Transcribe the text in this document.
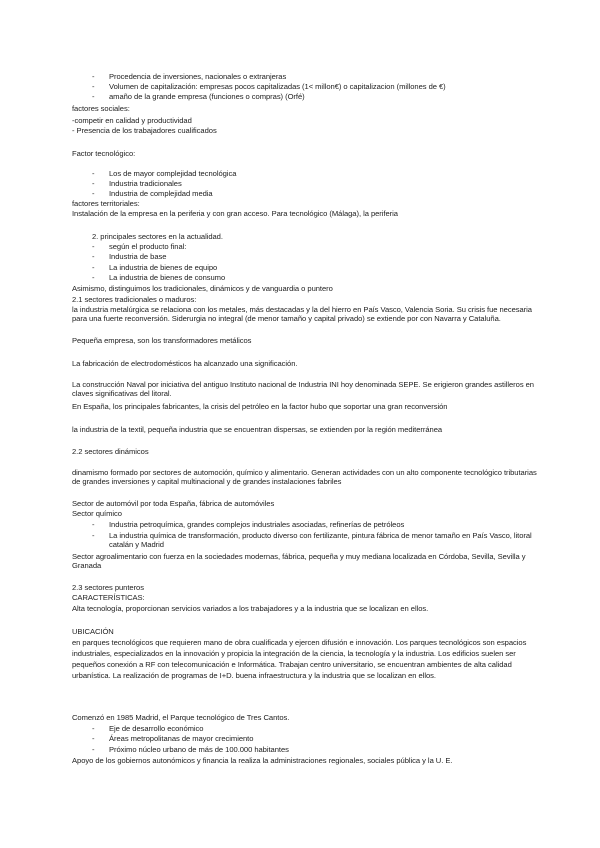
- Procedencia de inversiones, nacionales o extranjeras
- Volumen de capitalización: empresas pocos capitalizadas (1< millon€) o capitalizacion (millones de €)
- amaño de la grande empresa (funciones o compras) (Orfé)
factores sociales:
-competir en calidad y productividad
- Presencia de los trabajadores cualificados
Factor tecnológico:
- Los de mayor complejidad tecnológica
- Industria tradicionales
- Industria de complejidad media
factores territoriales:
Instalación de la empresa en la periferia y con gran acceso. Para tecnológico (Málaga), la periferia
2. principales sectores en la actualidad.
- según el producto final:
- Industria de base
- La industria de bienes de equipo
- La industria de bienes de consumo
Asimismo, distinguimos los tradicionales, dinámicos y de vanguardia o puntero
2.1 sectores tradicionales o maduros:
la industria metalúrgica se relaciona con los metales, más destacadas y la del hierro en País Vasco, Valencia Soria. Su crisis fue necesaria para una fuerte reconversión. Siderurgia no integral (de menor tamaño y capital privado) se extiende por con Navarra y Cataluña.
Pequeña empresa, son los transformadores metálicos
La fabricación de electrodomésticos ha alcanzado una significación.
La construcción Naval por iniciativa del antiguo Instituto nacional de Industria INI hoy denominada SEPE. Se erigieron grandes astilleros en claves significativas del litoral.
En España, los principales fabricantes, la crisis del petróleo en la factor hubo que soportar una gran reconversión
la industria de la textil, pequeña industria que se encuentran dispersas, se extienden por la región mediterránea
2.2 sectores dinámicos
dinamismo formado por sectores de automoción, químico y alimentario. Generan actividades con un alto componente tecnológico tributarias de grandes inversiones y capital multinacional y de grandes instalaciones fabriles
Sector de automóvil por toda España, fábrica de automóviles
Sector químico
- Industria petroquímica, grandes complejos industriales asociadas, refinerías de petróleos
- La industria química de transformación, producto diverso con fertilizante, pintura fábrica de menor tamaño en País Vasco, litoral catalán y Madrid
Sector agroalimentario con fuerza en la sociedades modernas, fábrica, pequeña y muy mediana localizada en Córdoba, Sevilla, Sevilla y Granada
2.3 sectores punteros
CARACTERÍSTICAS:
Alta tecnología, proporcionan servicios variados a los trabajadores y a la industria que se localizan en ellos.
UBICACIÓN
en parques tecnológicos que requieren mano de obra cualificada y ejercen difusión e innovación. Los parques tecnológicos son espacios industriales, especializados en la innovación y propicia la integración de la ciencia, la tecnología y la industria. Los edificios suelen ser pequeños conexión a RF con telecomunicación e Informática. Trabajan centro universitario, se encuentran ambientes de alta calidad urbanística. La realización de programas de I+D. buena infraestructura y la industria que se localizan en ellos.
Comenzó en 1985 Madrid, el Parque tecnológico de Tres Cantos.
- Eje de desarrollo económico
- Áreas metropolitanas de mayor crecimiento
- Próximo núcleo urbano de más de 100.000 habitantes
Apoyo de los gobiernos autonómicos y financia la realiza la administraciones regionales, sociales pública y la U. E.
